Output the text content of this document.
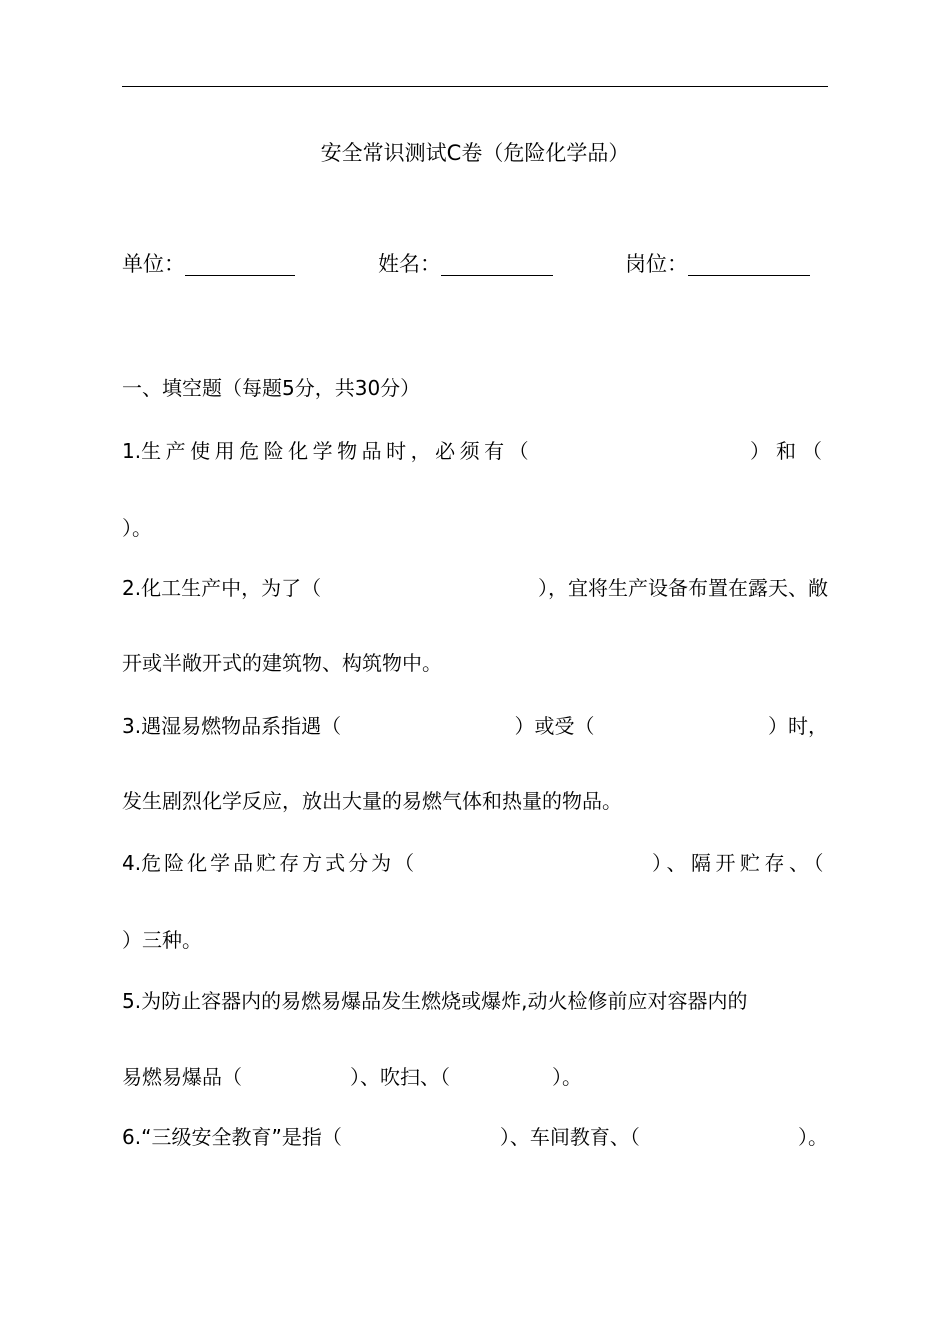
安全常识测试C卷（危险化学品）
单位：	姓名：	岗位：
一、填空题（每题5分，共30分）
1.生产使用危险化学物品时，必须有（	）和（
）。
2.化工生产中，为了（	），宜将生产设备布置在露天、敞
开或半敞开式的建筑物、构筑物中。
3.遇湿易燃物品系指遇（	）或受（	）时，
发生剧烈化学反应，放出大量的易燃气体和热量的物品。
4.危险化学品贮存方式分为（	）、隔开贮存、（
）三种。
5.为防止容器内的易燃易爆品发生燃烧或爆炸,动火检修前应对容器内的
易燃易爆品（	）、吹扫、（	）。
6.“三级安全教育”是指（	）、车间教育、（	）。
